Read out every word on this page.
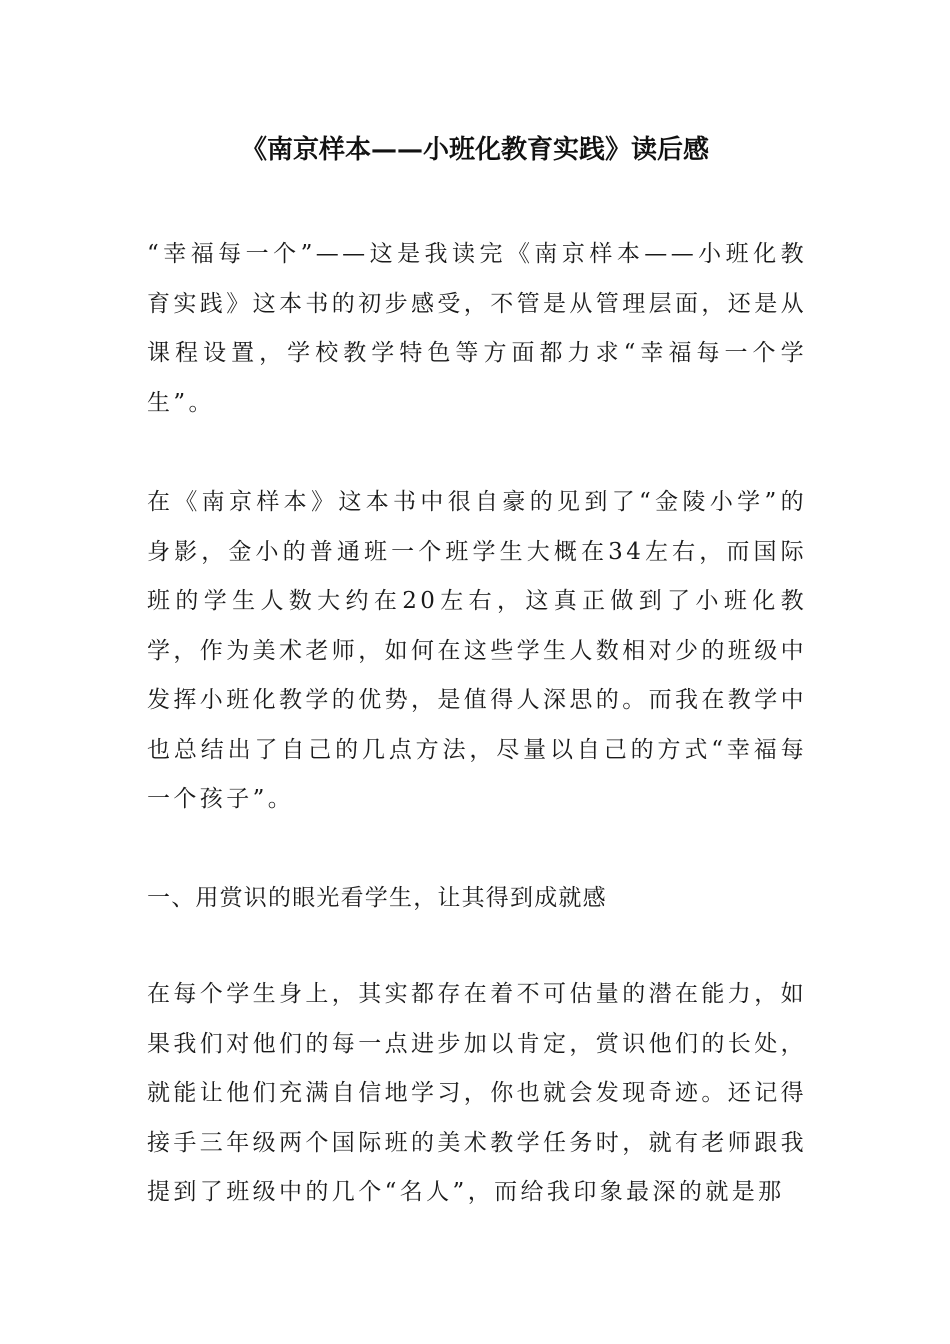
《南京样本——小班化教育实践》读后感
“幸福每一个”——这是我读完《南京样本——小班化教育实践》这本书的初步感受，不管是从管理层面，还是从课程设置，学校教学特色等方面都力求“幸福每一个学生”。
在《南京样本》这本书中很自豪的见到了“金陵小学”的身影，金小的普通班一个班学生大概在34左右，而国际班的学生人数大约在20左右，这真正做到了小班化教学，作为美术老师，如何在这些学生人数相对少的班级中发挥小班化教学的优势，是值得人深思的。而我在教学中也总结出了自己的几点方法，尽量以自己的方式“幸福每一个孩子”。
一、用赏识的眼光看学生，让其得到成就感
在每个学生身上，其实都存在着不可估量的潜在能力，如果我们对他们的每一点进步加以肯定，赏识他们的长处，就能让他们充满自信地学习，你也就会发现奇迹。还记得接手三年级两个国际班的美术教学任务时，就有老师跟我提到了班级中的几个“名人”，而给我印象最深的就是那
